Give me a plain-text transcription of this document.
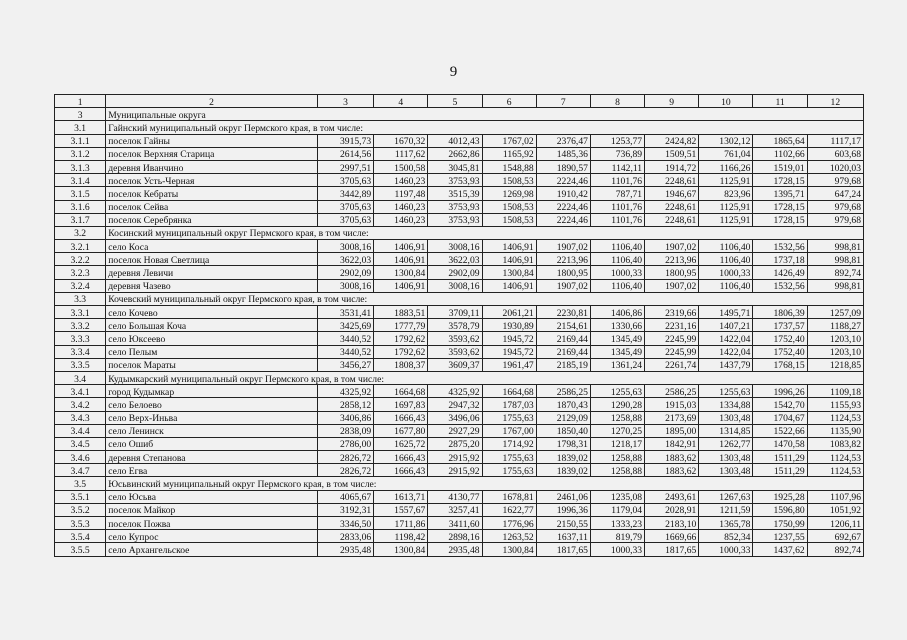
9
1	2	3	4	5	6	7	8	9	10	11	12
3	Муниципальные округа										
3.1	Гайнский муниципальный округ Пермского края, в том числе:										
3.1.1	поселок Гайны	3915,73	1670,32	4012,43	1767,02	2376,47	1253,77	2424,82	1302,12	1865,64	1117,17
3.1.2	поселок Верхняя Старица	2614,56	1117,62	2662,86	1165,92	1485,36	736,89	1509,51	761,04	1102,66	603,68
3.1.3	деревня Иванчино	2997,51	1500,58	3045,81	1548,88	1890,57	1142,11	1914,72	1166,26	1519,01	1020,03
3.1.4	поселок Усть-Черная	3705,63	1460,23	3753,93	1508,53	2224,46	1101,76	2248,61	1125,91	1728,15	979,68
3.1.5	поселок Кебраты	3442,89	1197,48	3515,39	1269,98	1910,42	787,71	1946,67	823,96	1395,71	647,24
3.1.6	поселок Сейва	3705,63	1460,23	3753,93	1508,53	2224,46	1101,76	2248,61	1125,91	1728,15	979,68
3.1.7	поселок Серебрянка	3705,63	1460,23	3753,93	1508,53	2224,46	1101,76	2248,61	1125,91	1728,15	979,68
3.2	Косинский муниципальный округ Пермского края, в том числе:										
3.2.1	село Коса	3008,16	1406,91	3008,16	1406,91	1907,02	1106,40	1907,02	1106,40	1532,56	998,81
3.2.2	поселок Новая Светлица	3622,03	1406,91	3622,03	1406,91	2213,96	1106,40	2213,96	1106,40	1737,18	998,81
3.2.3	деревня Левичи	2902,09	1300,84	2902,09	1300,84	1800,95	1000,33	1800,95	1000,33	1426,49	892,74
3.2.4	деревня Чазево	3008,16	1406,91	3008,16	1406,91	1907,02	1106,40	1907,02	1106,40	1532,56	998,81
3.3	Кочевский муниципальный округ Пермского края, в том числе:										
3.3.1	село Кочево	3531,41	1883,51	3709,11	2061,21	2230,81	1406,86	2319,66	1495,71	1806,39	1257,09
3.3.2	село Большая Коча	3425,69	1777,79	3578,79	1930,89	2154,61	1330,66	2231,16	1407,21	1737,57	1188,27
3.3.3	село Юксеево	3440,52	1792,62	3593,62	1945,72	2169,44	1345,49	2245,99	1422,04	1752,40	1203,10
3.3.4	село Пелым	3440,52	1792,62	3593,62	1945,72	2169,44	1345,49	2245,99	1422,04	1752,40	1203,10
3.3.5	поселок Мараты	3456,27	1808,37	3609,37	1961,47	2185,19	1361,24	2261,74	1437,79	1768,15	1218,85
3.4	Кудымкарский муниципальный округ Пермского края, в том числе:										
3.4.1	город Кудымкар	4325,92	1664,68	4325,92	1664,68	2586,25	1255,63	2586,25	1255,63	1996,26	1109,18
3.4.2	село Белоево	2858,12	1697,83	2947,32	1787,03	1870,43	1290,28	1915,03	1334,88	1542,70	1155,93
3.4.3	село Верх-Иньва	3406,86	1666,43	3496,06	1755,63	2129,09	1258,88	2173,69	1303,48	1704,67	1124,53
3.4.4	село Ленинск	2838,09	1677,80	2927,29	1767,00	1850,40	1270,25	1895,00	1314,85	1522,66	1135,90
3.4.5	село Ошиб	2786,00	1625,72	2875,20	1714,92	1798,31	1218,17	1842,91	1262,77	1470,58	1083,82
3.4.6	деревня Степанова	2826,72	1666,43	2915,92	1755,63	1839,02	1258,88	1883,62	1303,48	1511,29	1124,53
3.4.7	село Егва	2826,72	1666,43	2915,92	1755,63	1839,02	1258,88	1883,62	1303,48	1511,29	1124,53
3.5	Юсьвинский муниципальный округ Пермского края, в том числе:										
3.5.1	село Юсьва	4065,67	1613,71	4130,77	1678,81	2461,06	1235,08	2493,61	1267,63	1925,28	1107,96
3.5.2	поселок Майкор	3192,31	1557,67	3257,41	1622,77	1996,36	1179,04	2028,91	1211,59	1596,80	1051,92
3.5.3	поселок Пожва	3346,50	1711,86	3411,60	1776,96	2150,55	1333,23	2183,10	1365,78	1750,99	1206,11
3.5.4	село Купрос	2833,06	1198,42	2898,16	1263,52	1637,11	819,79	1669,66	852,34	1237,55	692,67
3.5.5	село Архангельское	2935,48	1300,84	2935,48	1300,84	1817,65	1000,33	1817,65	1000,33	1437,62	892,74
